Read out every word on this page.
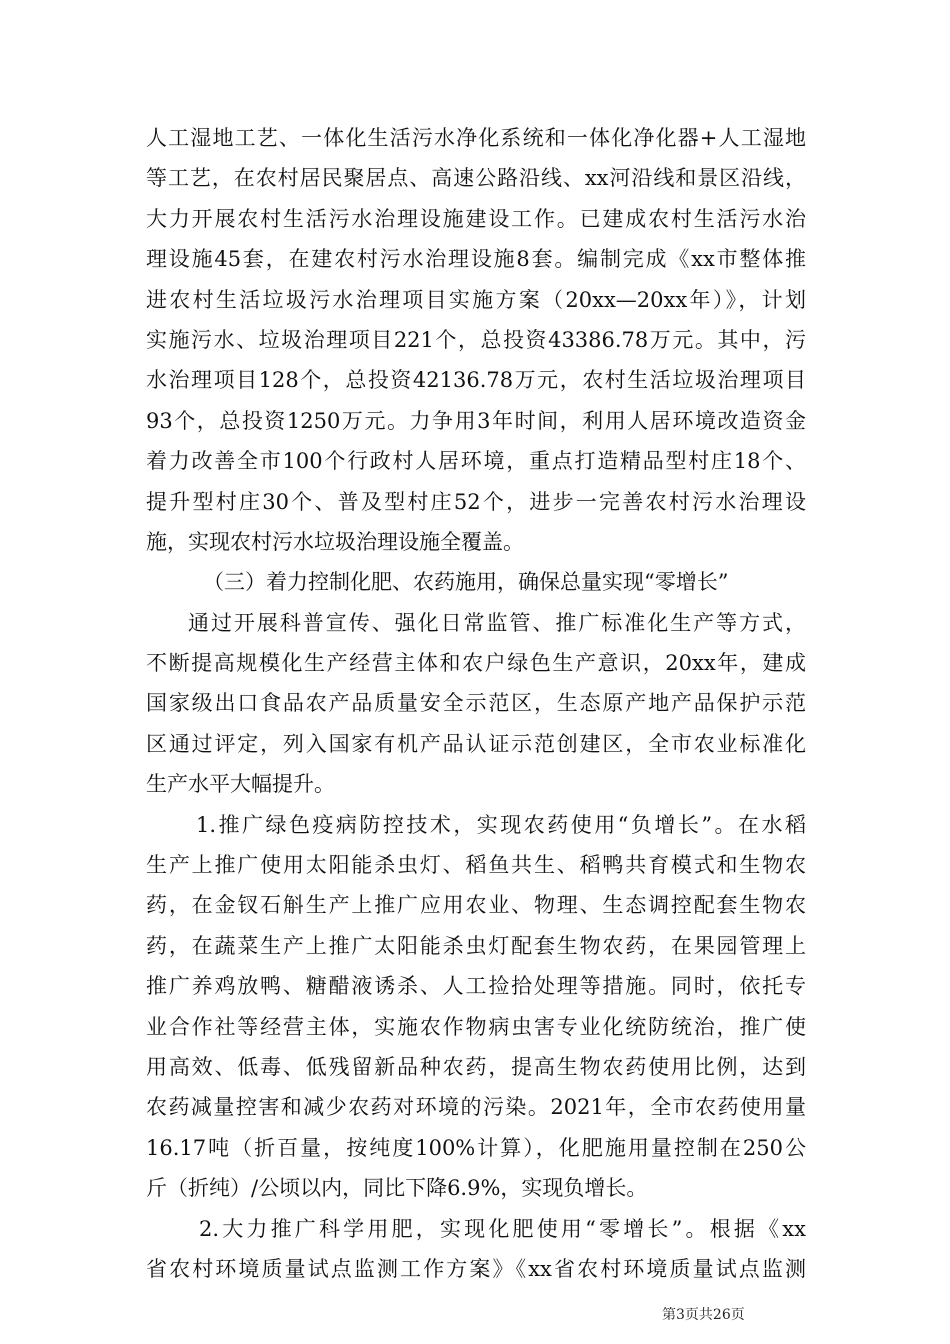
人工湿地工艺、一体化生活污水净化系统和一体化净化器+人工湿地
等工艺，在农村居民聚居点、高速公路沿线、xx河沿线和景区沿线，
大力开展农村生活污水治理设施建设工作。已建成农村生活污水治
理设施45套，在建农村污水治理设施8套。编制完成《xx市整体推
进农村生活垃圾污水治理项目实施方案（20xx—20xx年）》，计划
实施污水、垃圾治理项目221个，总投资43386.78万元。其中，污
水治理项目128个，总投资42136.78万元，农村生活垃圾治理项目
93个，总投资1250万元。力争用3年时间，利用人居环境改造资金
着力改善全市100个行政村人居环境，重点打造精品型村庄18个、
提升型村庄30个、普及型村庄52个，进步一完善农村污水治理设
施，实现农村污水垃圾治理设施全覆盖。
（三）着力控制化肥、农药施用，确保总量实现“零增长”
通过开展科普宣传、强化日常监管、推广标准化生产等方式，
不断提高规模化生产经营主体和农户绿色生产意识，20xx年，建成
国家级出口食品农产品质量安全示范区，生态原产地产品保护示范
区通过评定，列入国家有机产品认证示范创建区，全市农业标准化
生产水平大幅提升。
1.推广绿色疫病防控技术，实现农药使用“负增长”。在水稻
生产上推广使用太阳能杀虫灯、稻鱼共生、稻鸭共育模式和生物农
药，在金钗石斛生产上推广应用农业、物理、生态调控配套生物农
药，在蔬菜生产上推广太阳能杀虫灯配套生物农药，在果园管理上
推广养鸡放鸭、糖醋液诱杀、人工捡拾处理等措施。同时，依托专
业合作社等经营主体，实施农作物病虫害专业化统防统治，推广使
用高效、低毒、低残留新品种农药，提高生物农药使用比例，达到
农药减量控害和减少农药对环境的污染。2021年，全市农药使用量
16.17吨（折百量，按纯度100%计算），化肥施用量控制在250公
斤（折纯）/公顷以内，同比下降6.9%，实现负增长。
2.大力推广科学用肥，实现化肥使用“零增长”。根据《xx
省农村环境质量试点监测工作方案》《xx省农村环境质量试点监测
第3页共26页
